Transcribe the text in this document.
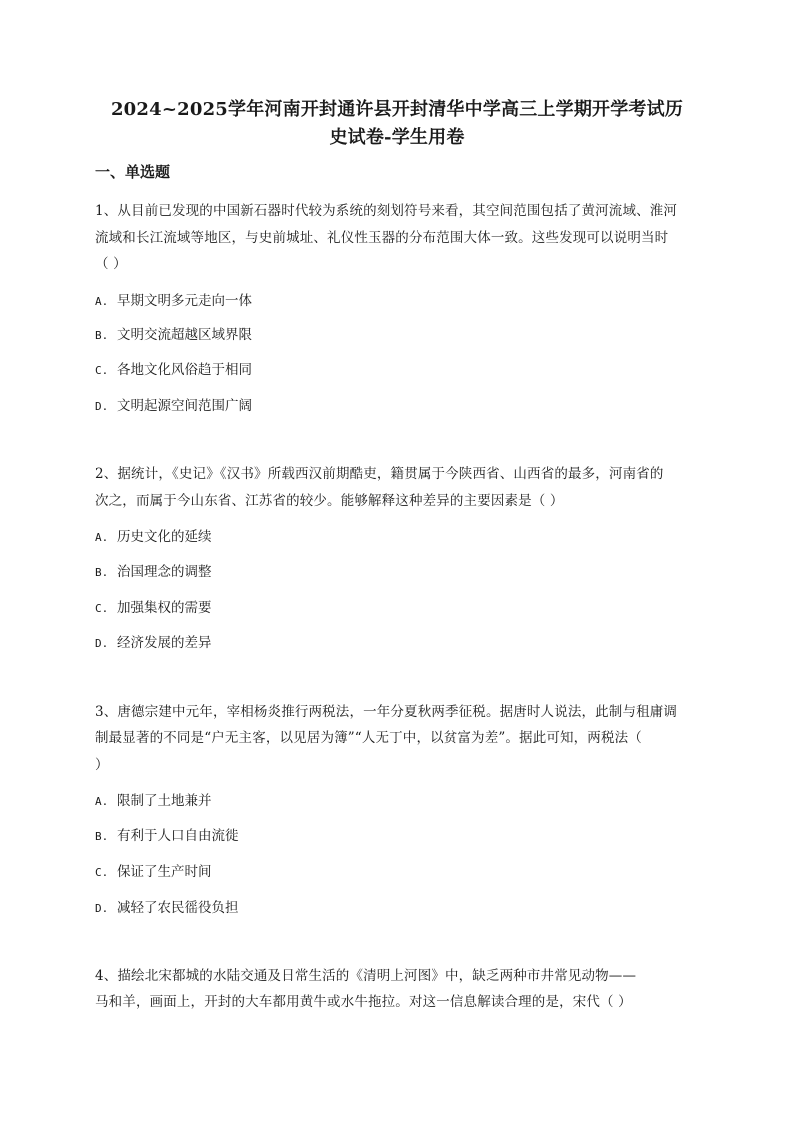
2024~2025学年河南开封通许县开封清华中学高三上学期开学考试历
史试卷-学生用卷
一、单选题
1、从目前已发现的中国新石器时代较为系统的刻划符号来看，其空间范围包括了黄河流域、淮河
流域和长江流域等地区，与史前城址、礼仪性玉器的分布范围大体一致。这些发现可以说明当时
（ ）
A. 早期文明多元走向一体
B. 文明交流超越区域界限
C. 各地文化风俗趋于相同
D. 文明起源空间范围广阔
2、据统计，《史记》《汉书》所载西汉前期酷吏，籍贯属于今陕西省、山西省的最多，河南省的
次之，而属于今山东省、江苏省的较少。能够解释这种差异的主要因素是（ ）
A. 历史文化的延续
B. 治国理念的调整
C. 加强集权的需要
D. 经济发展的差异
3、唐德宗建中元年，宰相杨炎推行两税法，一年分夏秋两季征税。据唐时人说法，此制与租庸调
制最显著的不同是“户无主客，以见居为簿”“人无丁中，以贫富为差”。据此可知，两税法（
）
A. 限制了土地兼并
B. 有利于人口自由流徙
C. 保证了生产时间
D. 减轻了农民徭役负担
4、描绘北宋都城的水陆交通及日常生活的《清明上河图》中，缺乏两种市井常见动物——
马和羊，画面上，开封的大车都用黄牛或水牛拖拉。对这一信息解读合理的是，宋代（ ）
